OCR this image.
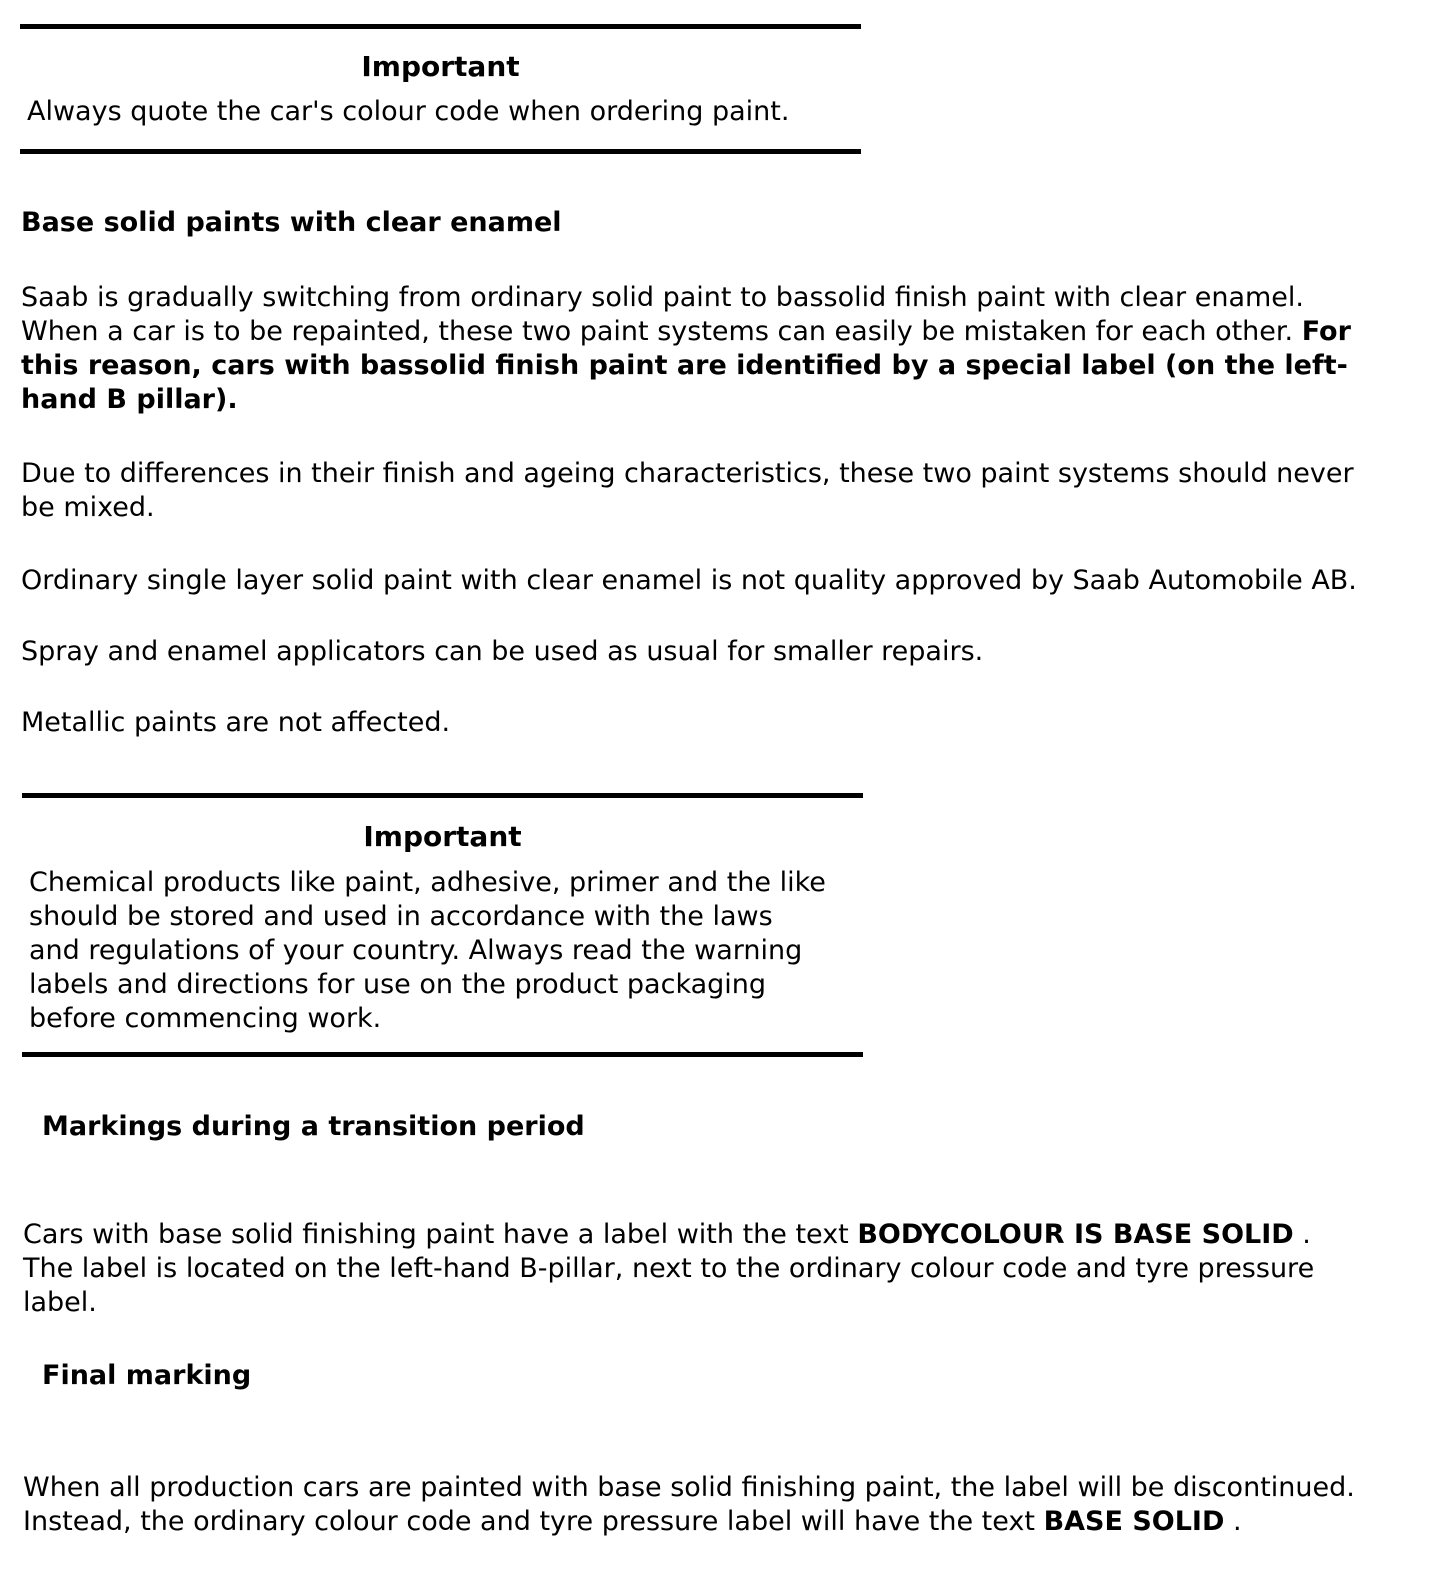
Important
Always quote the car's colour code when ordering paint.
Base solid paints with clear enamel
Saab is gradually switching from ordinary solid paint to bassolid finish paint with clear enamel.
When a car is to be repainted, these two paint systems can easily be mistaken for each other. For
this reason, cars with bassolid finish paint are identified by a special label (on the left-
hand B pillar).
Due to differences in their finish and ageing characteristics, these two paint systems should never
be mixed.
Ordinary single layer solid paint with clear enamel is not quality approved by Saab Automobile AB.
Spray and enamel applicators can be used as usual for smaller repairs.
Metallic paints are not affected.
Important
Chemical products like paint, adhesive, primer and the like
should be stored and used in accordance with the laws
and regulations of your country. Always read the warning
labels and directions for use on the product packaging
before commencing work.
Markings during a transition period
Cars with base solid finishing paint have a label with the text BODYCOLOUR IS BASE SOLID .
The label is located on the left-hand B-pillar, next to the ordinary colour code and tyre pressure
label.
Final marking
When all production cars are painted with base solid finishing paint, the label will be discontinued.
Instead, the ordinary colour code and tyre pressure label will have the text BASE SOLID .
